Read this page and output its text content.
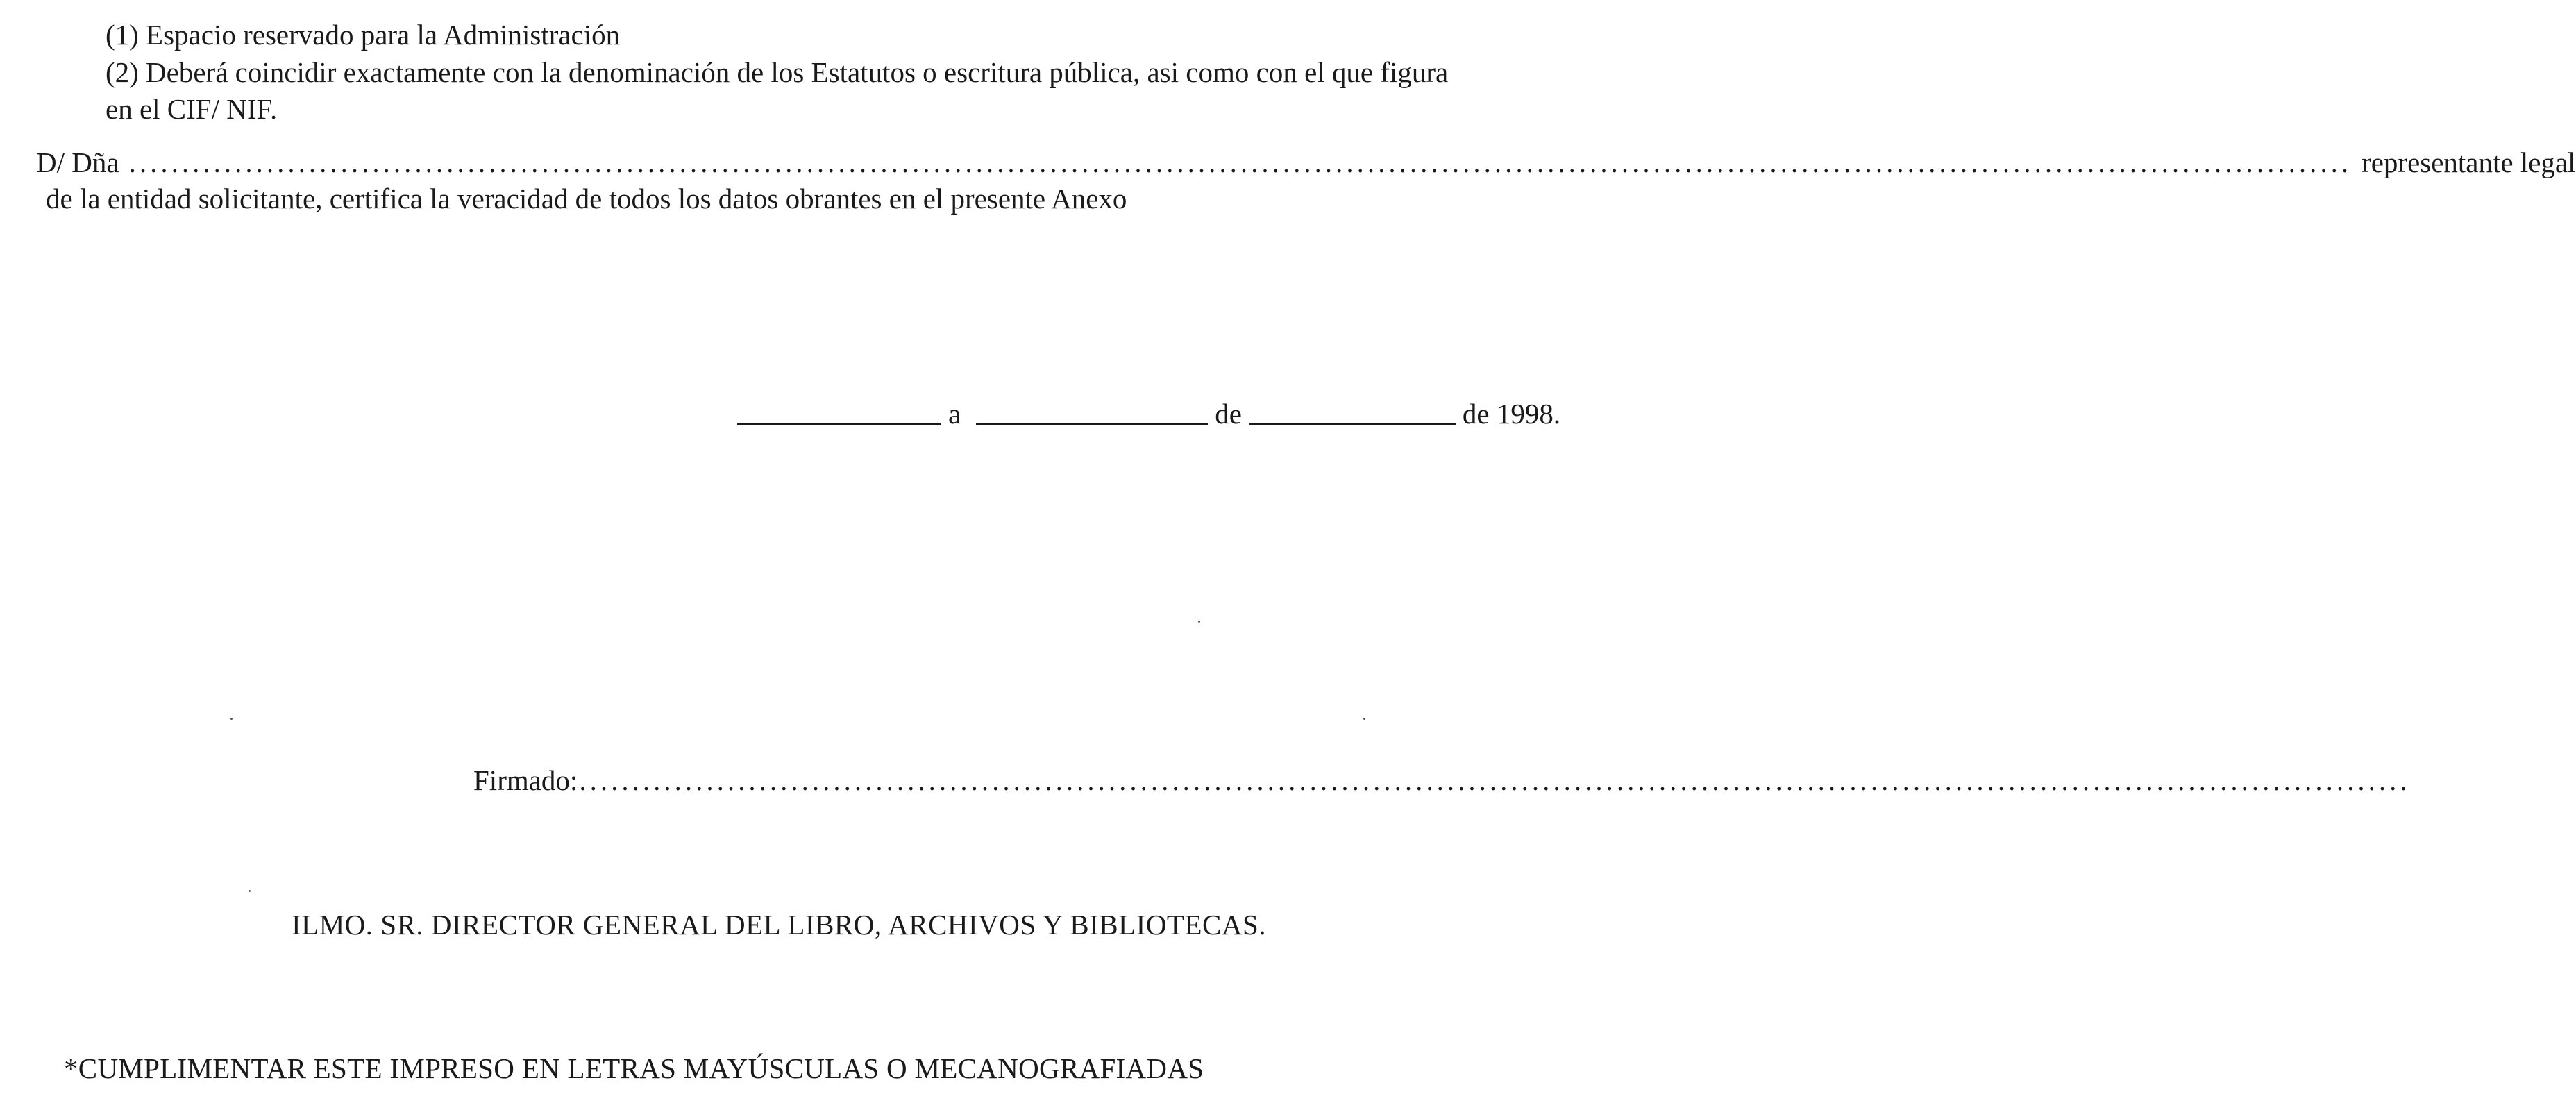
(1) Espacio reservado para la Administración
(2) Deberá coincidir exactamente con la denominación de los Estatutos o escritura pública, asi como con el que figura
en el CIF/ NIF.
D/ Dña .................................................................................................................................................................................................................. representante legal
de la entidad solicitante, certifica la veracidad de todos los datos obrantes en el presente Anexo
a	de	de 1998.
Firmado: .............................................................................................................................................................................
ILMO. SR. DIRECTOR GENERAL DEL LIBRO, ARCHIVOS Y BIBLIOTECAS.
*CUMPLIMENTAR ESTE IMPRESO EN LETRAS MAYÚSCULAS O MECANOGRAFIADAS
